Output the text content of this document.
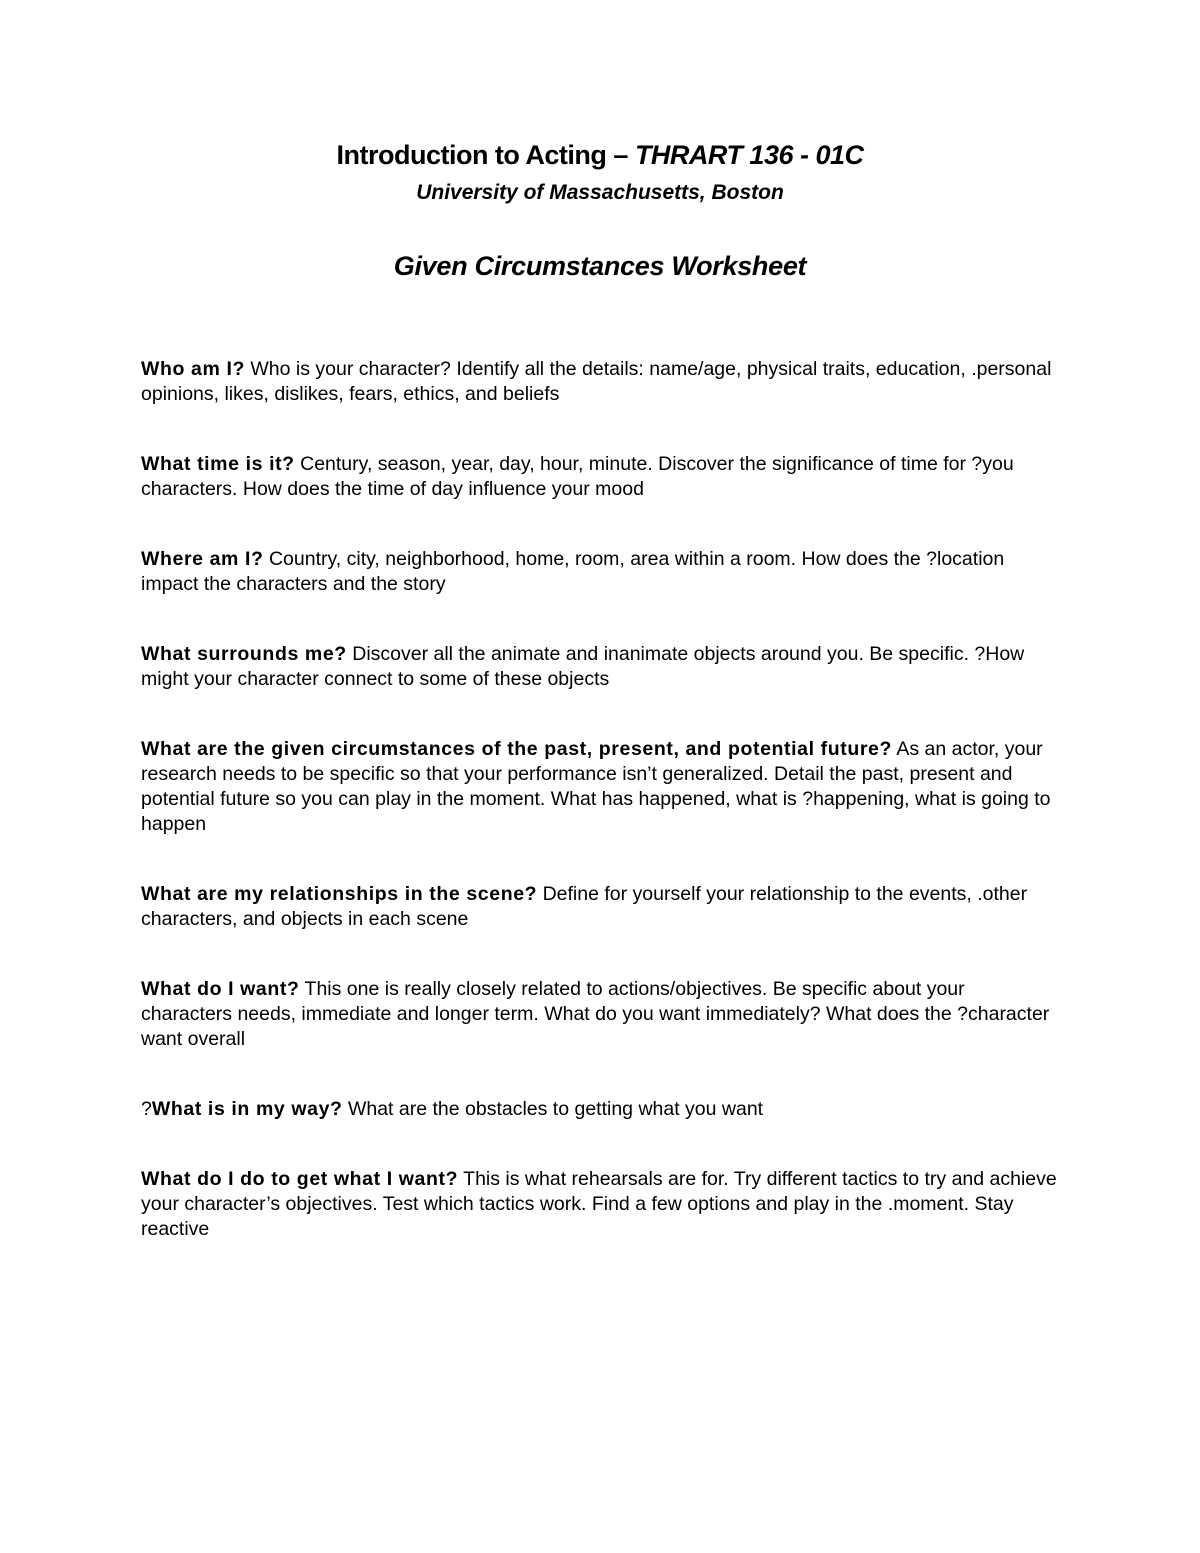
Introduction to Acting – THRART 136 - 01C
University of Massachusetts, Boston
Given Circumstances Worksheet

Who am I? Who is your character? Identify all the details: name/age, physical traits, education, .personal opinions, likes, dislikes, fears, ethics, and beliefs

What time is it? Century, season, year, day, hour, minute. Discover the significance of time for ?you characters. How does the time of day influence your mood

Where am I? Country, city, neighborhood, home, room, area within a room. How does the ?location impact the characters and the story

What surrounds me? Discover all the animate and inanimate objects around you. Be specific. ?How might your character connect to some of these objects

What are the given circumstances of the past, present, and potential future? As an actor, your research needs to be specific so that your performance isn’t generalized. Detail the past, present and potential future so you can play in the moment. What has happened, what is ?happening, what is going to happen

What are my relationships in the scene? Define for yourself your relationship to the events, .other characters, and objects in each scene

What do I want? This one is really closely related to actions/objectives. Be specific about your characters needs, immediate and longer term. What do you want immediately? What does the ?character want overall

?What is in my way? What are the obstacles to getting what you want

What do I do to get what I want? This is what rehearsals are for. Try different tactics to try and achieve your character’s objectives. Test which tactics work. Find a few options and play in the .moment. Stay reactive
